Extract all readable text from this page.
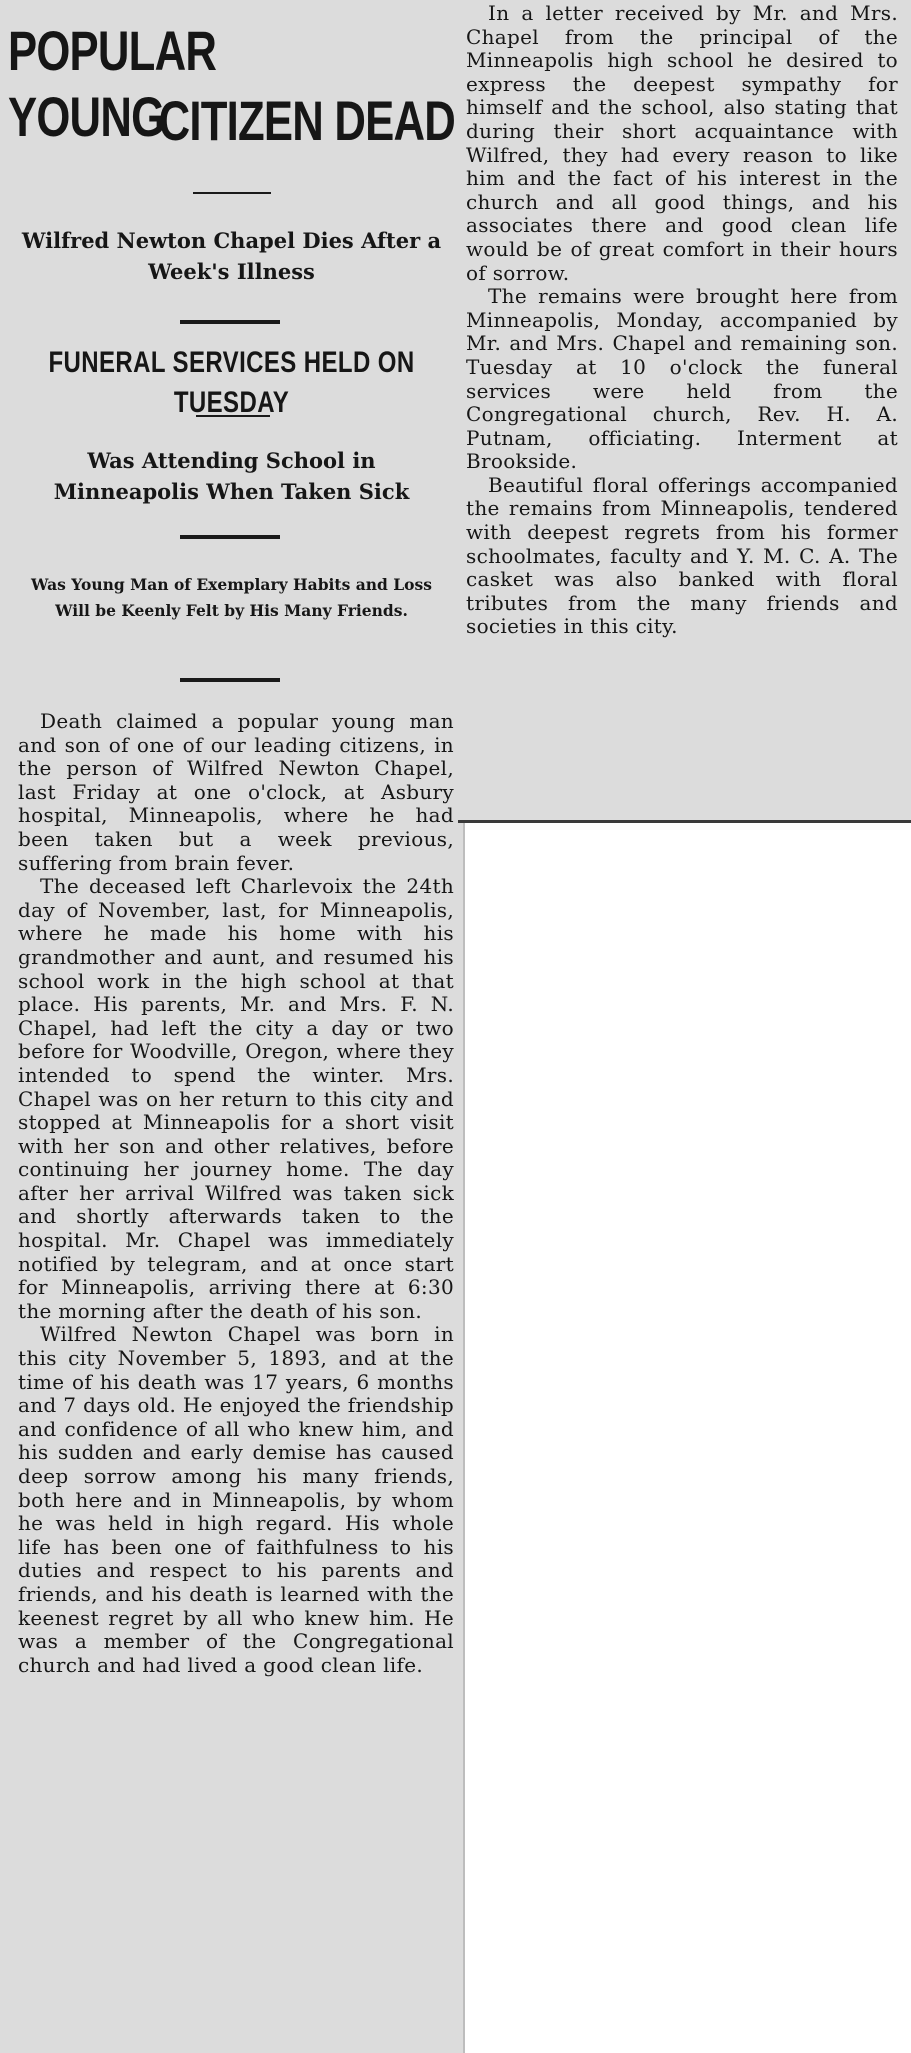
POPULAR YOUNG
CITIZEN DEAD

Wilfred Newton Chapel Dies After a Week's Illness

FUNERAL SERVICES HELD ON TUESDAY

Was Attending School in Minneapolis When Taken Sick

Was Young Man of Exemplary Habits and Loss Will be Keenly Felt by His Many Friends.

Death claimed a popular young man and son of one of our leading citizens, in the person of Wilfred Newton Chapel, last Friday at one o'clock, at Asbury hospital, Minneapolis, where he had been taken but a week previous, suffering from brain fever.

The deceased left Charlevoix the 24th day of November, last, for Minneapolis, where he made his home with his grandmother and aunt, and resumed his school work in the high school at that place. His parents, Mr. and Mrs. F. N. Chapel, had left the city a day or two before for Woodville, Oregon, where they intended to spend the winter. Mrs. Chapel was on her return to this city and stopped at Minneapolis for a short visit with her son and other relatives, before continuing her journey home. The day after her arrival Wilfred was taken sick and shortly afterwards taken to the hospital. Mr. Chapel was immediately notified by telegram, and at once start for Minneapolis, arriving there at 6:30 the morning after the death of his son.

Wilfred Newton Chapel was born in this city November 5, 1893, and at the time of his death was 17 years, 6 months and 7 days old. He enjoyed the friendship and confidence of all who knew him, and his sudden and early demise has caused deep sorrow among his many friends, both here and in Minneapolis, by whom he was held in high regard. His whole life has been one of faithfulness to his duties and respect to his parents and friends, and his death is learned with the keenest regret by all who knew him. He was a member of the Congregational church and had lived a good clean life.

In a letter received by Mr. and Mrs. Chapel from the principal of the Minneapolis high school he desired to express the deepest sympathy for himself and the school, also stating that during their short acquaintance with Wilfred, they had every reason to like him and the fact of his interest in the church and all good things, and his associates there and good clean life would be of great comfort in their hours of sorrow.

The remains were brought here from Minneapolis, Monday, accompanied by Mr. and Mrs. Chapel and remaining son. Tuesday at 10 o'clock the funeral services were held from the Congregational church, Rev. H. A. Putnam, officiating. Interment at Brookside.

Beautiful floral offerings accompanied the remains from Minneapolis, tendered with deepest regrets from his former schoolmates, faculty and Y. M. C. A. The casket was also banked with floral tributes from the many friends and societies in this city.
